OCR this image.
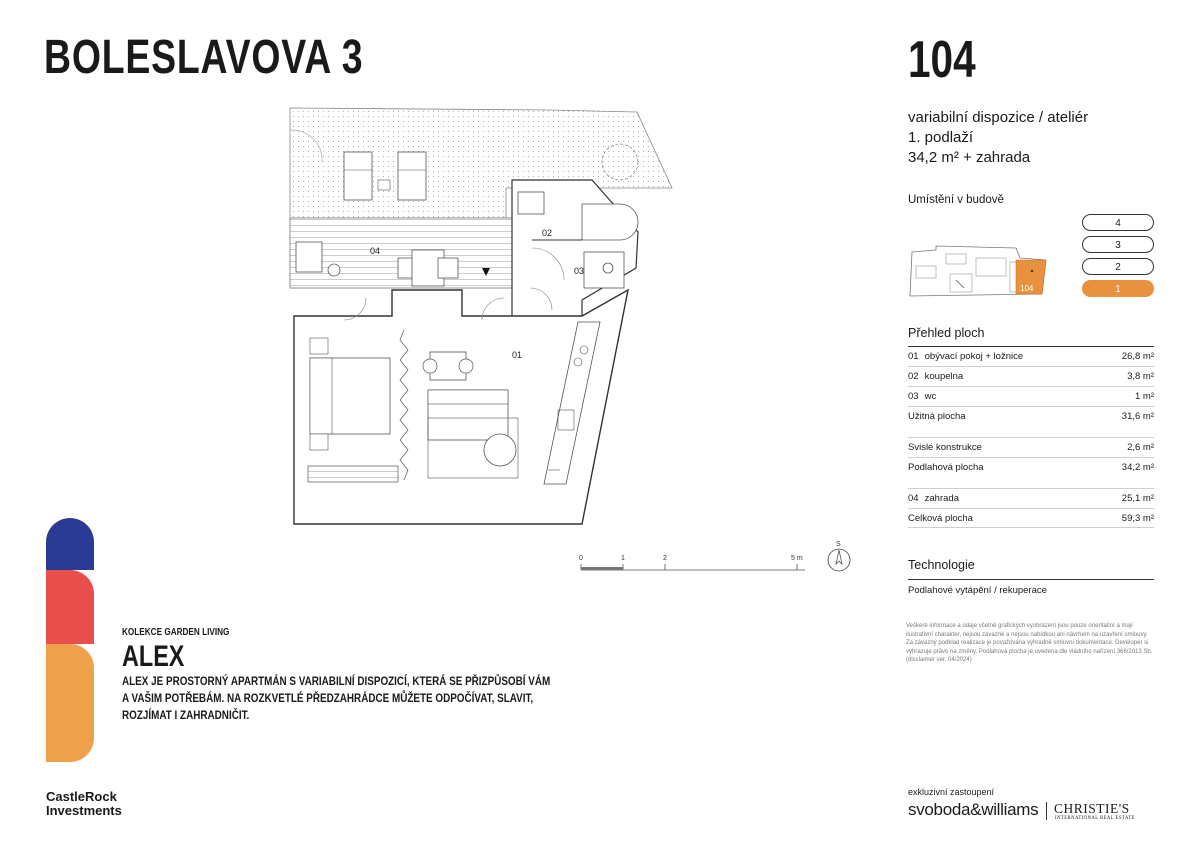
BOLESLAVOVA 3	104
variabilní dispozice / ateliér
1. podlaží
34,2 m² + zahrada
Umístění v budově
104
4
3
2
1
Přehled ploch
01 obývací pokoj + ložnice	26,8 m²
02 koupelna	3,8 m²
03 wc	1 m²
Užitná plocha	31,6 m²
Svislé konstrukce	2,6 m²
Podlahová plocha	34,2 m²
04 zahrada	25,1 m²
Celková plocha	59,3 m²
Technologie
Podlahové vytápění / rekuperace
Veškeré informace a údaje včetně grafických vyobrazení jsou pouze orientační a mají ilustrativní charakter, nejsou závazné a nejsou nabídkou ani návrhem na uzavření smlouvy. Za závazný podklad realizace je považována výhradně smluvní dokumentace. Developer si vyhrazuje právo na změny. Podlahová plocha je uvedena dle vládního nařízení 366/2013 Sb. (disclaimer ver. 04/2024)
04
02
03
01
0	1	2	5 m
S
KOLEKCE GARDEN LIVING
ALEX
ALEX JE PROSTORNÝ APARTMÁN S VARIABILNÍ DISPOZICÍ, KTERÁ SE PŘIZPŮSOBÍ VÁM A VAŠIM POTŘEBÁM. NA ROZKVETLÉ PŘEDZAHRÁDCE MŮŽETE ODPOČÍVAT, SLAVIT, ROZJÍMAT I ZAHRADNIČIT.
CastleRock
Investments
exkluzivní zastoupení
svoboda&williams CHRISTIE'S
INTERNATIONAL REAL ESTATE
